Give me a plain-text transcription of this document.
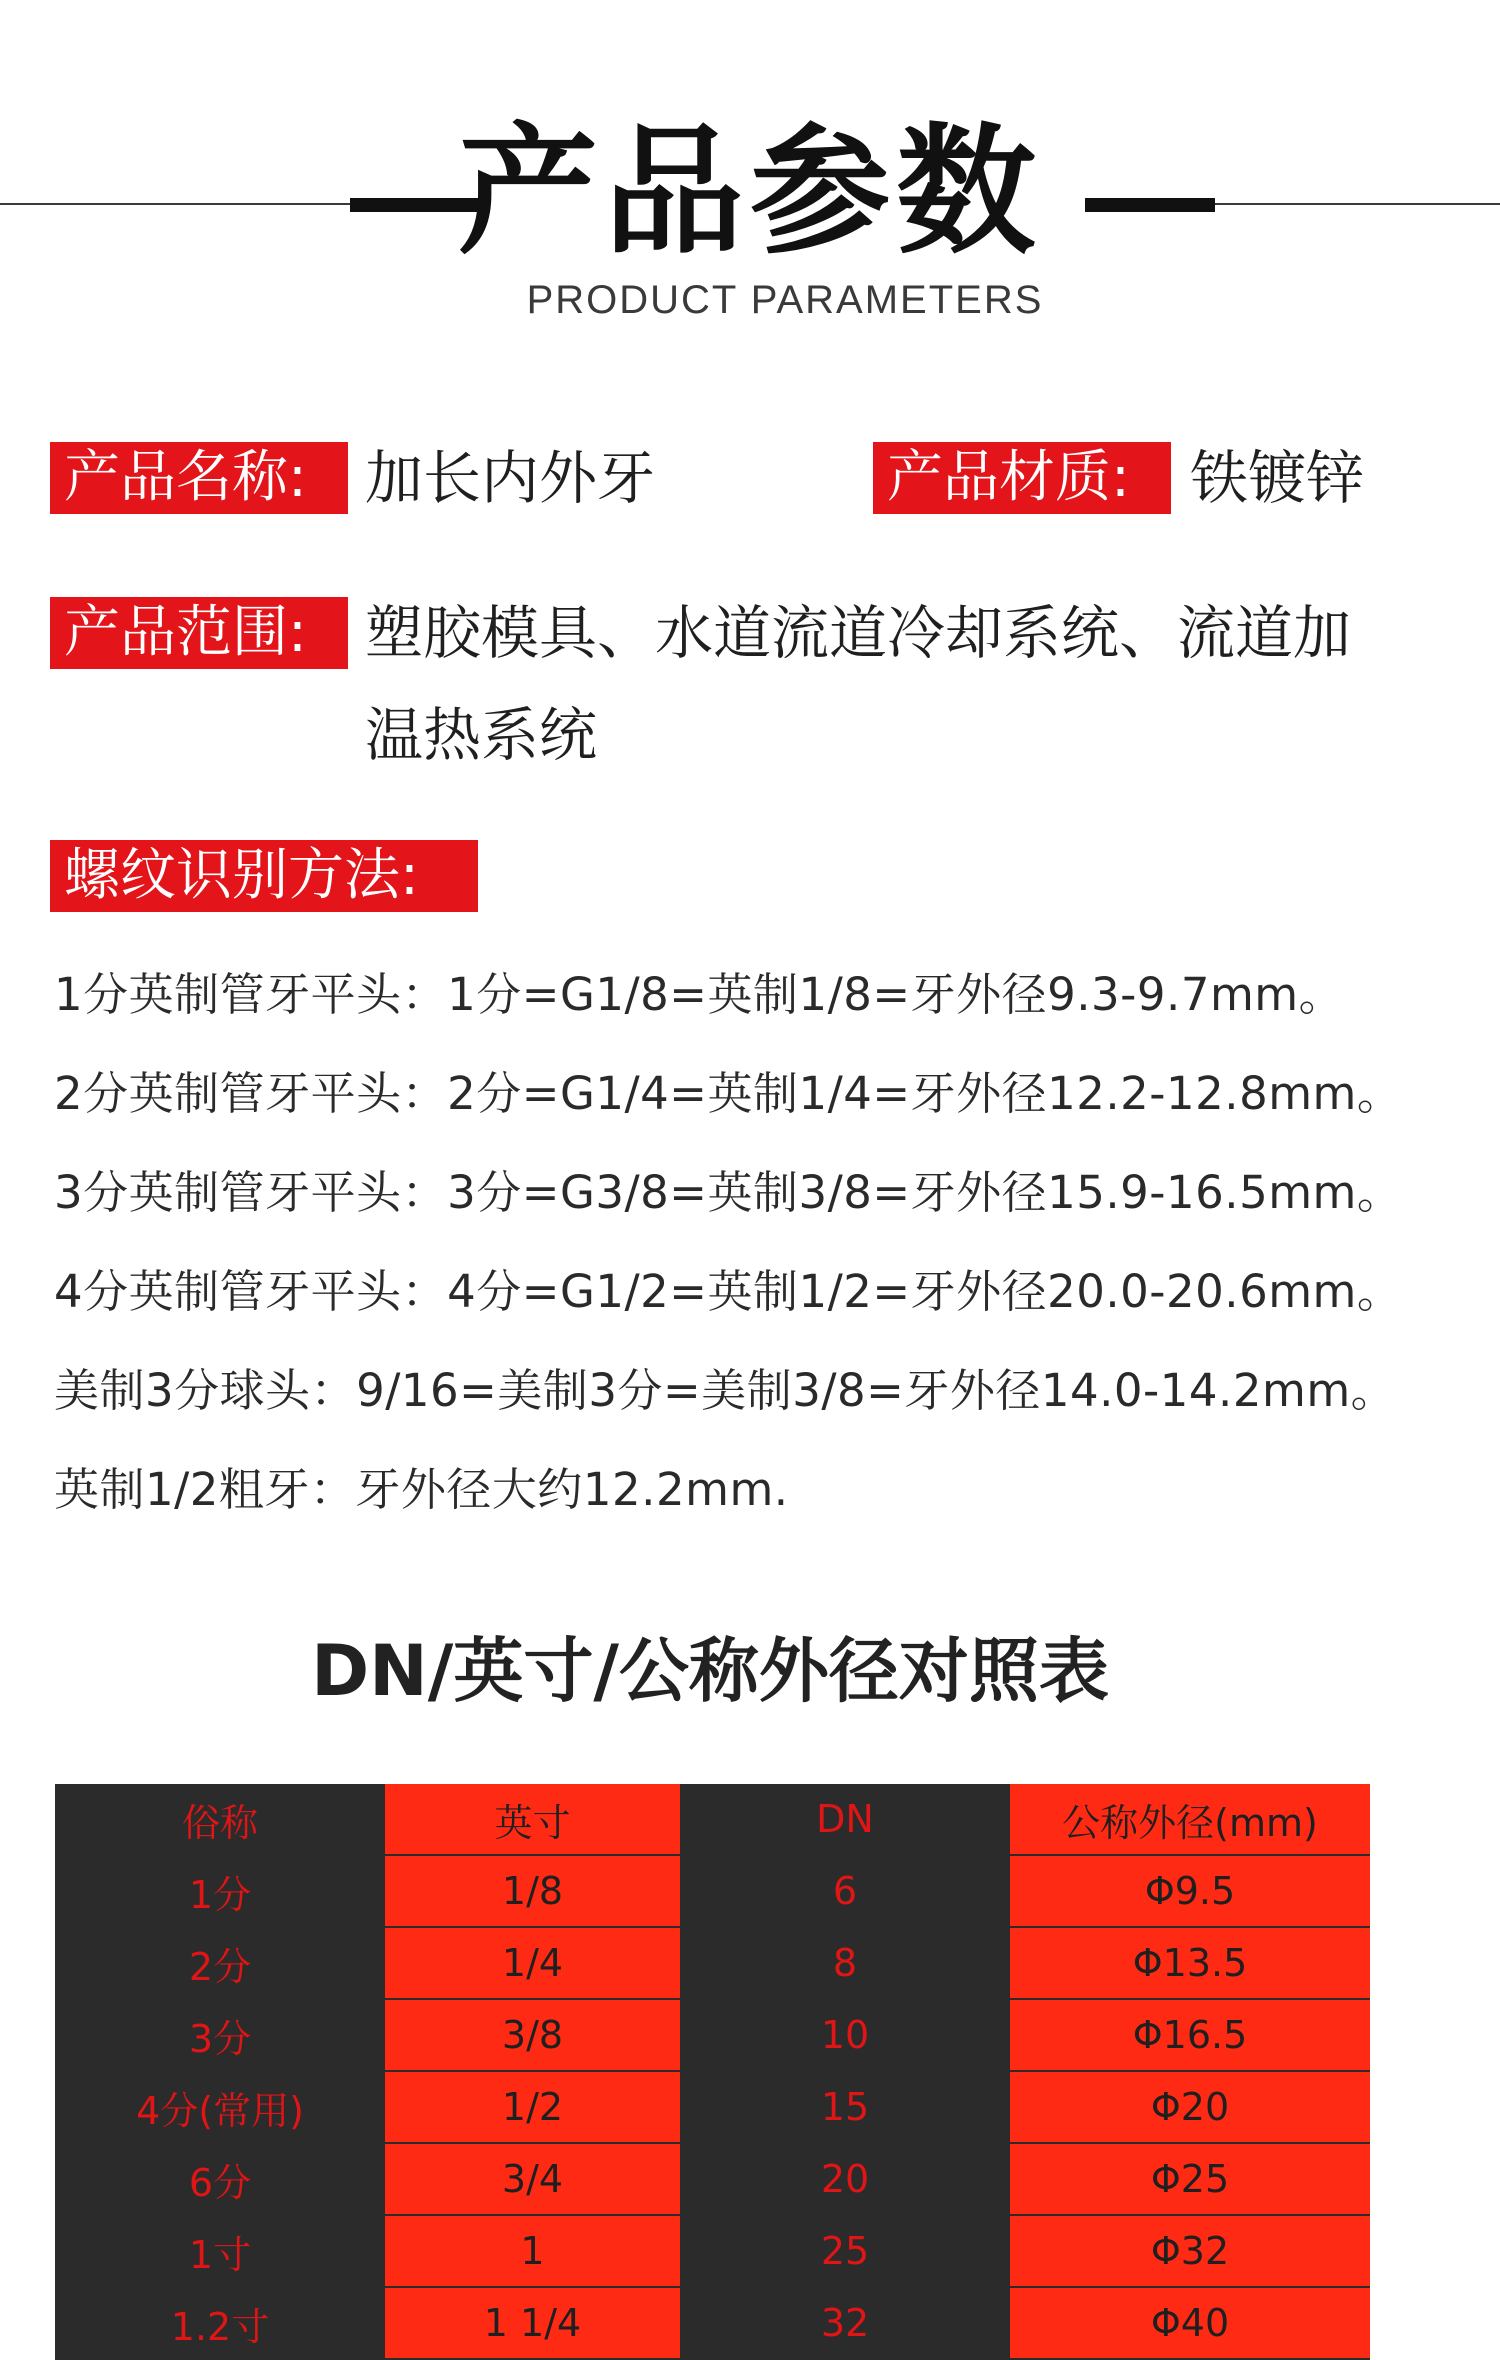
产品参数
PRODUCT PARAMETERS
产品名称:	加长内外牙	产品材质:	铁镀锌
产品范围:	塑胶模具、水道流道冷却系统、流道加
温热系统
螺纹识别方法:
1分英制管牙平头：1分=G1/8=英制1/8=牙外径9.3-9.7mm。
2分英制管牙平头：2分=G1/4=英制1/4=牙外径12.2-12.8mm。
3分英制管牙平头：3分=G3/8=英制3/8=牙外径15.9-16.5mm。
4分英制管牙平头：4分=G1/2=英制1/2=牙外径20.0-20.6mm。
美制3分球头：9/16=美制3分=美制3/8=牙外径14.0-14.2mm。
英制1/2粗牙：牙外径大约12.2mm.
DN/英寸/公称外径对照表
俗称	英寸	DN	公称外径(mm)
1分	1/8	6	Φ9.5
2分	1/4	8	Φ13.5
3分	3/8	10	Φ16.5
4分(常用)	1/2	15	Φ20
6分	3/4	20	Φ25
1寸	1	25	Φ32
1.2寸	1 1/4	32	Φ40
